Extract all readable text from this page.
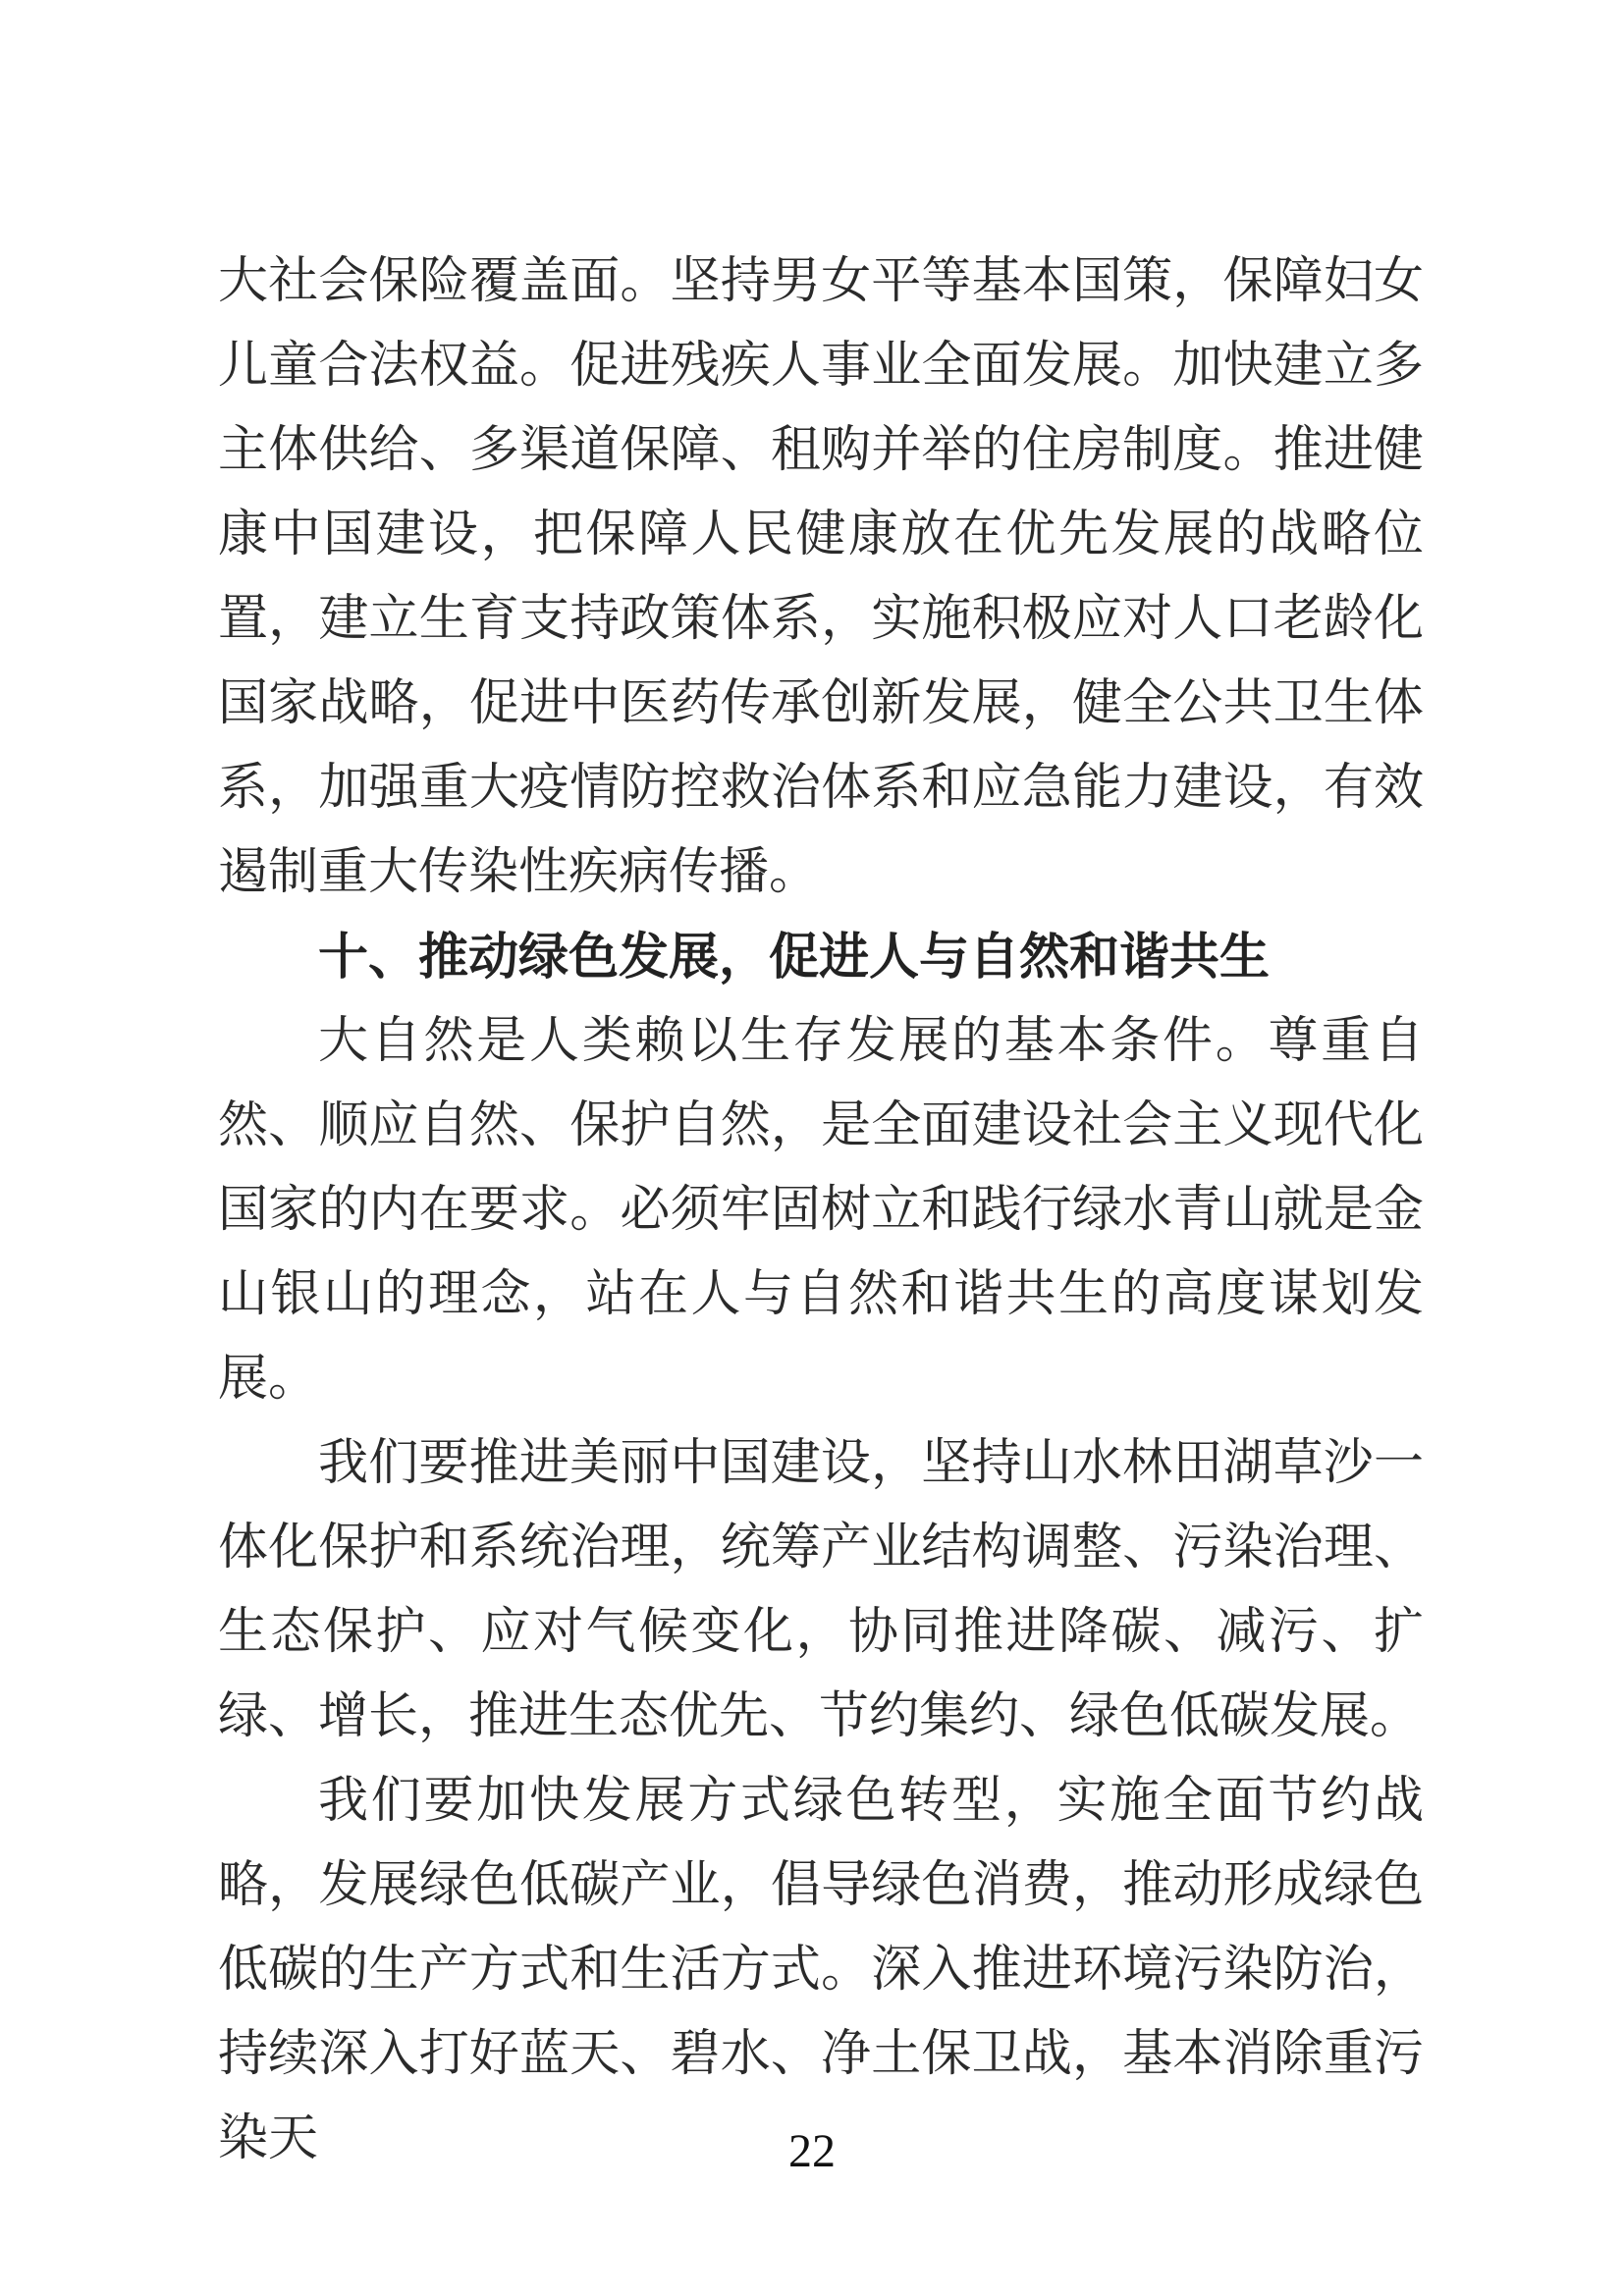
大社会保险覆盖面。坚持男女平等基本国策，保障妇女儿童合法权益。促进残疾人事业全面发展。加快建立多主体供给、多渠道保障、租购并举的住房制度。推进健康中国建设，把保障人民健康放在优先发展的战略位置，建立生育支持政策体系，实施积极应对人口老龄化国家战略，促进中医药传承创新发展，健全公共卫生体系，加强重大疫情防控救治体系和应急能力建设，有效遏制重大传染性疾病传播。

十、推动绿色发展，促进人与自然和谐共生

大自然是人类赖以生存发展的基本条件。尊重自然、顺应自然、保护自然，是全面建设社会主义现代化国家的内在要求。必须牢固树立和践行绿水青山就是金山银山的理念，站在人与自然和谐共生的高度谋划发展。

我们要推进美丽中国建设，坚持山水林田湖草沙一体化保护和系统治理，统筹产业结构调整、污染治理、生态保护、应对气候变化，协同推进降碳、减污、扩绿、增长，推进生态优先、节约集约、绿色低碳发展。

我们要加快发展方式绿色转型，实施全面节约战略，发展绿色低碳产业，倡导绿色消费，推动形成绿色低碳的生产方式和生活方式。深入推进环境污染防治，持续深入打好蓝天、碧水、净土保卫战，基本消除重污染天	22
